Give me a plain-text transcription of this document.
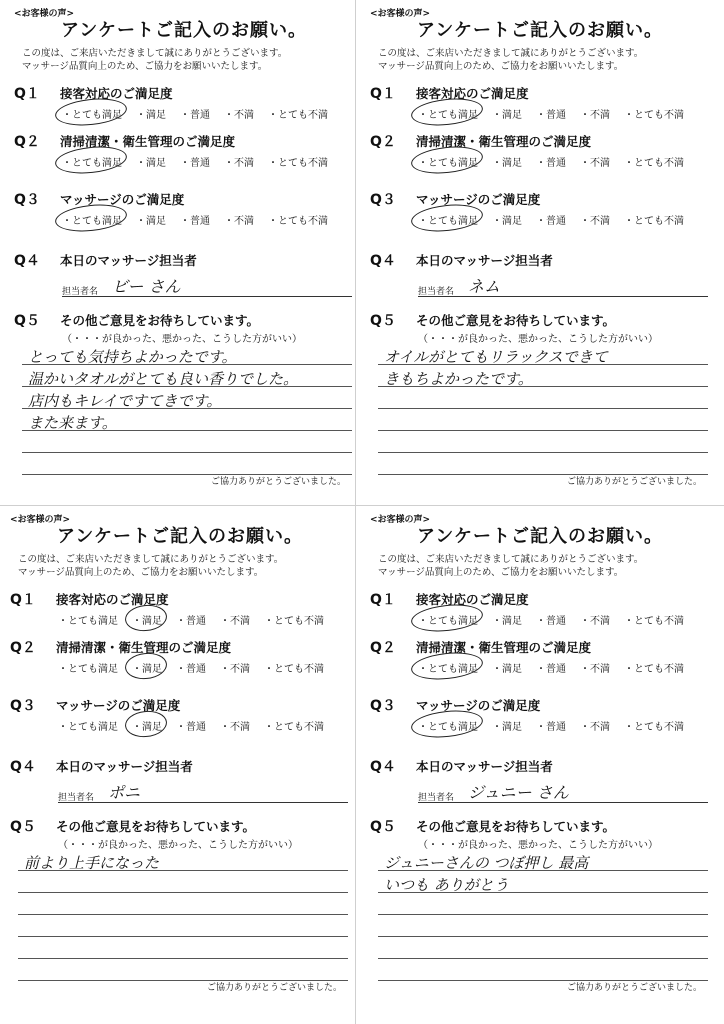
<お客様の声>
アンケートご記入のお願い。
この度は、ご来店いただきまして誠にありがとうございます。
マッサージ品質向上のため、ご協力をお願いいたします。
Q１	接客対応のご満足度
・とても満足 ・満足 ・普通 ・不満 ・とても不満
Q２	清掃清潔・衛生管理のご満足度
・とても満足 ・満足 ・普通 ・不満 ・とても不満
Q３	マッサージのご満足度
・とても満足 ・満足 ・普通 ・不満 ・とても不満
Q４	本日のマッサージ担当者
担当者名 ビー さん
Q５	その他ご意見をお待ちしています。
（・・・が良かった、悪かった、こうした方がいい）
とっても気持ちよかったです。
温かいタオルがとても良い香りでした。
店内もキレイですてきです。
また来ます。
ご協力ありがとうございました。
<お客様の声>
アンケートご記入のお願い。
この度は、ご来店いただきまして誠にありがとうございます。
マッサージ品質向上のため、ご協力をお願いいたします。
Q１	接客対応のご満足度
・とても満足 ・満足 ・普通 ・不満 ・とても不満
Q２	清掃清潔・衛生管理のご満足度
・とても満足 ・満足 ・普通 ・不満 ・とても不満
Q３	マッサージのご満足度
・とても満足 ・満足 ・普通 ・不満 ・とても不満
Q４	本日のマッサージ担当者
担当者名 ネム
Q５	その他ご意見をお待ちしています。
（・・・が良かった、悪かった、こうした方がいい）
オイルがとてもリラックスできて
きもちよかったです。
ご協力ありがとうございました。
<お客様の声>
アンケートご記入のお願い。
この度は、ご来店いただきまして誠にありがとうございます。
マッサージ品質向上のため、ご協力をお願いいたします。
Q１	接客対応のご満足度
・とても満足 ・満足 ・普通 ・不満 ・とても不満
Q２	清掃清潔・衛生管理のご満足度
・とても満足 ・満足 ・普通 ・不満 ・とても不満
Q３	マッサージのご満足度
・とても満足 ・満足 ・普通 ・不満 ・とても不満
Q４	本日のマッサージ担当者
担当者名 ポニ
Q５	その他ご意見をお待ちしています。
（・・・が良かった、悪かった、こうした方がいい）
前より上手になった
ご協力ありがとうございました。
<お客様の声>
アンケートご記入のお願い。
この度は、ご来店いただきまして誠にありがとうございます。
マッサージ品質向上のため、ご協力をお願いいたします。
Q１	接客対応のご満足度
・とても満足 ・満足 ・普通 ・不満 ・とても不満
Q２	清掃清潔・衛生管理のご満足度
・とても満足 ・満足 ・普通 ・不満 ・とても不満
Q３	マッサージのご満足度
・とても満足 ・満足 ・普通 ・不満 ・とても不満
Q４	本日のマッサージ担当者
担当者名 ジュニー さん
Q５	その他ご意見をお待ちしています。
（・・・が良かった、悪かった、こうした方がいい）
ジュニーさんの つぼ押し 最高
いつも ありがとう
ご協力ありがとうございました。
